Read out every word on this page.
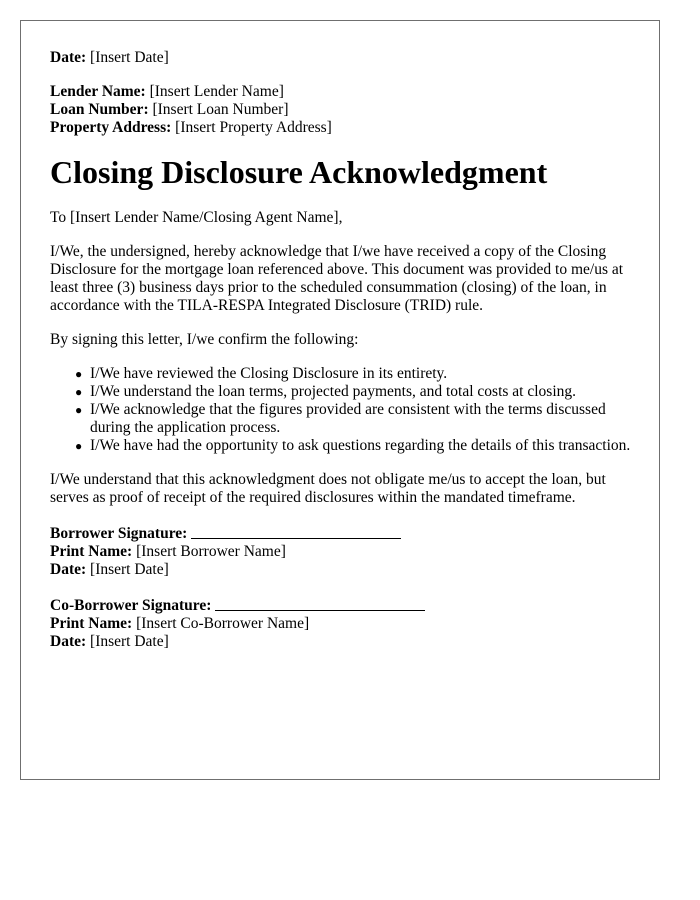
Date: [Insert Date]

Lender Name: [Insert Lender Name]

Loan Number: [Insert Loan Number]

Property Address: [Insert Property Address]

Closing Disclosure Acknowledgment

To [Insert Lender Name/Closing Agent Name],

I/We, the undersigned, hereby acknowledge that I/we have received a copy of the Closing Disclosure for the mortgage loan referenced above. This document was provided to me/us at least three (3) business days prior to the scheduled consummation (closing) of the loan, in accordance with the TILA-RESPA Integrated Disclosure (TRID) rule.

By signing this letter, I/we confirm the following:

● I/We have reviewed the Closing Disclosure in its entirety.
● I/We understand the loan terms, projected payments, and total costs at closing.
● I/We acknowledge that the figures provided are consistent with the terms discussed during the application process.
● I/We have had the opportunity to ask questions regarding the details of this transaction.

I/We understand that this acknowledgment does not obligate me/us to accept the loan, but serves as proof of receipt of the required disclosures within the mandated timeframe.

Borrower Signature:

Print Name: [Insert Borrower Name]

Date: [Insert Date]

Co-Borrower Signature:

Print Name: [Insert Co-Borrower Name]

Date: [Insert Date]
